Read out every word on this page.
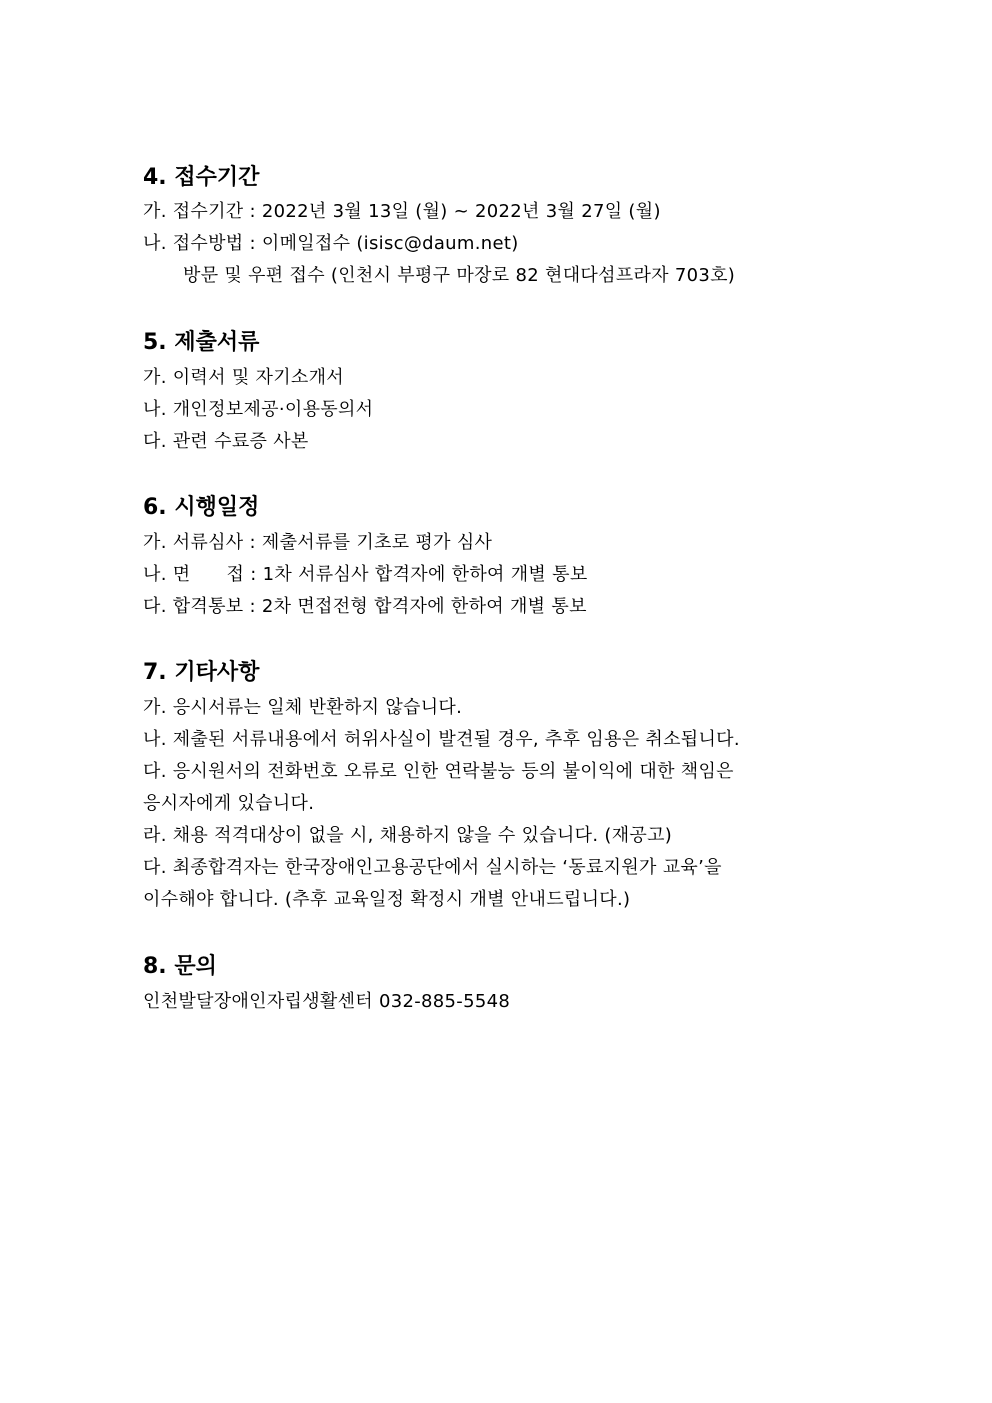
4. 접수기간
가. 접수기간 : 2022년 3월 13일 (월) ~ 2022년 3월 27일 (월)
나. 접수방법 : 이메일접수 (isisc@daum.net)
방문 및 우편 접수 (인천시 부평구 마장로 82 현대다섬프라자 703호)
5. 제출서류
가. 이력서 및 자기소개서
나. 개인정보제공·이용동의서
다. 관련 수료증 사본
6. 시행일정
가. 서류심사 : 제출서류를 기초로 평가 심사
나. 면      접 : 1차 서류심사 합격자에 한하여 개별 통보
다. 합격통보 : 2차 면접전형 합격자에 한하여 개별 통보
7. 기타사항
가. 응시서류는 일체 반환하지 않습니다.
나. 제출된 서류내용에서 허위사실이 발견될 경우, 추후 임용은 취소됩니다.
다. 응시원서의 전화번호 오류로 인한 연락불능 등의 불이익에 대한 책임은
응시자에게 있습니다.
라. 채용 적격대상이 없을 시, 채용하지 않을 수 있습니다. (재공고)
다. 최종합격자는 한국장애인고용공단에서 실시하는 ‘동료지원가 교육’을
이수해야 합니다. (추후 교육일정 확정시 개별 안내드립니다.)
8. 문의
인천발달장애인자립생활센터 032-885-5548
